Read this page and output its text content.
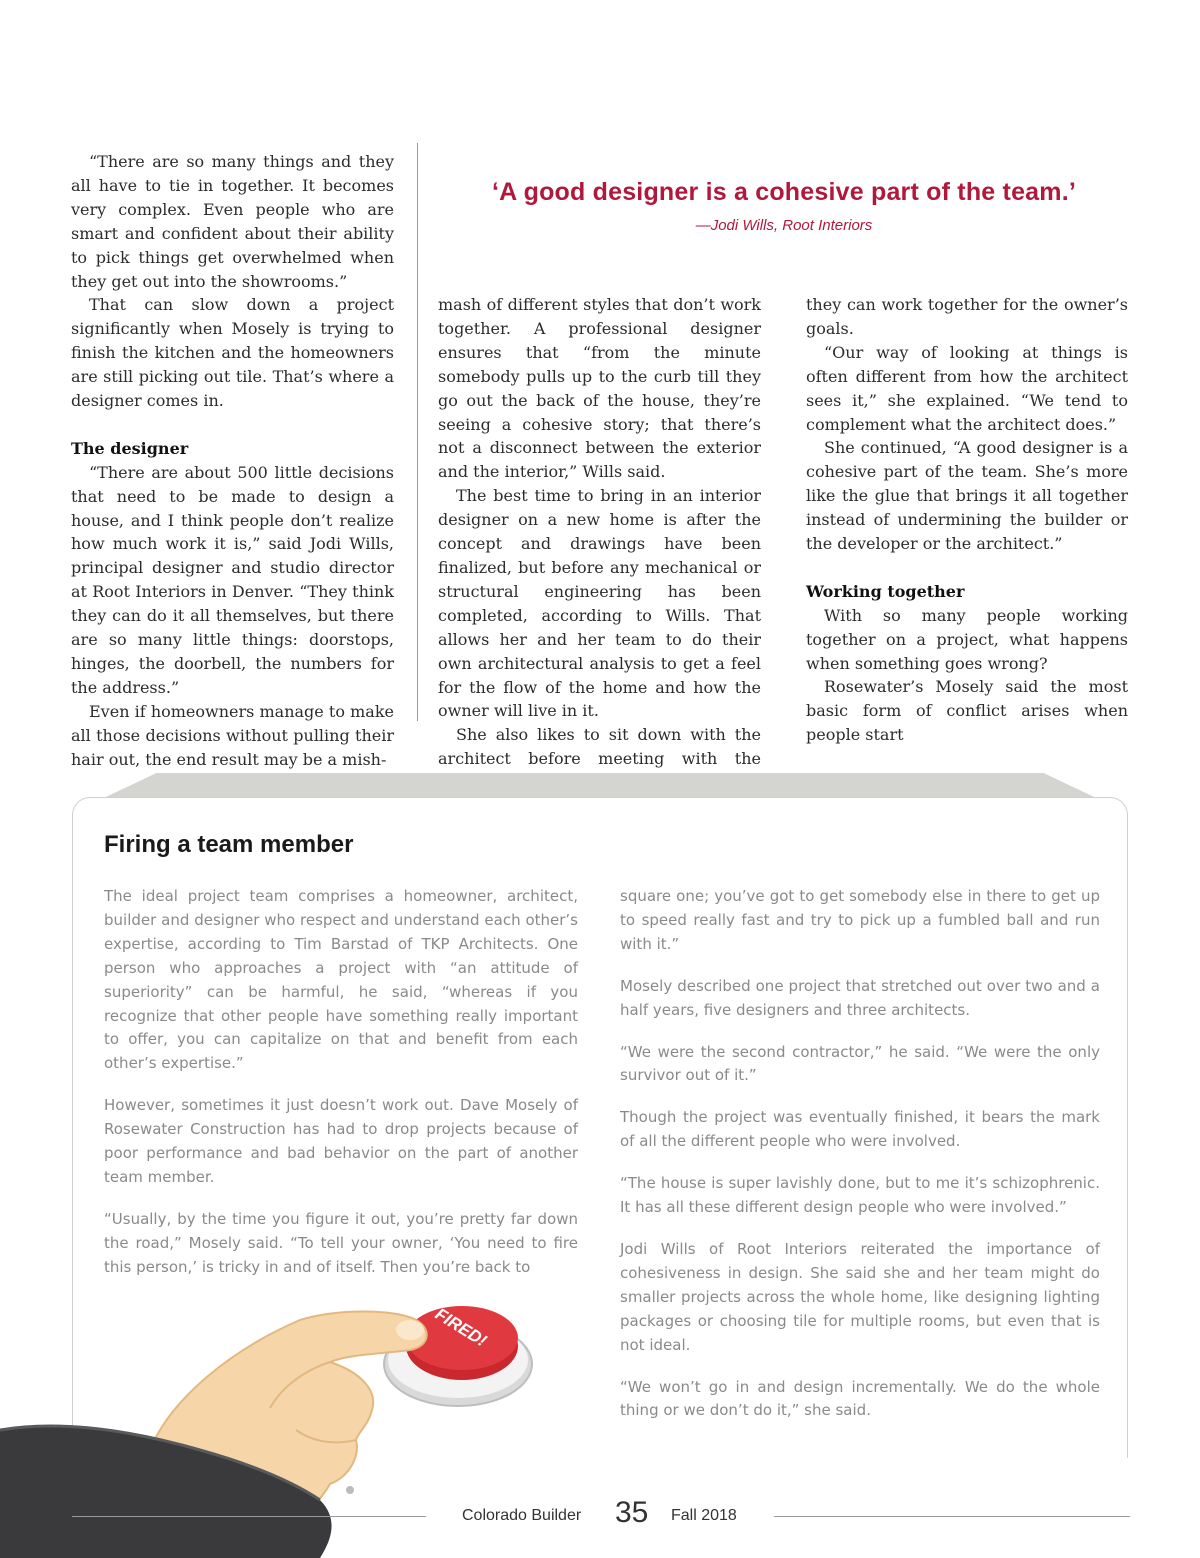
“There are so many things and they all have to tie in together. It becomes very complex. Even people who are smart and confident about their ability to pick things get overwhelmed when they get out into the showrooms.”

That can slow down a project significantly when Mosely is trying to finish the kitchen and the homeowners are still picking out tile. That’s where a designer comes in.

The designer

“There are about 500 little decisions that need to be made to design a house, and I think people don’t realize how much work it is,” said Jodi Wills, principal designer and studio director at Root Interiors in Denver. “They think they can do it all themselves, but there are so many little things: doorstops, hinges, the doorbell, the numbers for the address.”

Even if homeowners manage to make all those decisions without pulling their hair out, the end result may be a mish-

‘A good designer is a cohesive part of the team.’
—Jodi Wills, Root Interiors

mash of different styles that don’t work together. A professional designer ensures that “from the minute somebody pulls up to the curb till they go out the back of the house, they’re seeing a cohesive story; that there’s not a disconnect between the exterior and the interior,” Wills said.

The best time to bring in an interior designer on a new home is after the concept and drawings have been finalized, but before any mechanical or structural engineering has been completed, according to Wills. That allows her and her team to do their own architectural analysis to get a feel for the flow of the home and how the owner will live in it.

She also likes to sit down with the architect before meeting with the

they can work together for the owner’s goals.

“Our way of looking at things is often different from how the architect sees it,” she explained. “We tend to complement what the architect does.”

She continued, “A good designer is a cohesive part of the team. She’s more like the glue that brings it all together instead of undermining the builder or the developer or the architect.”

Working together

With so many people working together on a project, what happens when something goes wrong?

Rosewater’s Mosely said the most basic form of conflict arises when people start

Firing a team member

The ideal project team comprises a homeowner, architect, builder and designer who respect and understand each other’s expertise, according to Tim Barstad of TKP Architects. One person who approaches a project with “an attitude of superiority” can be harmful, he said, “whereas if you recognize that other people have something really important to offer, you can capitalize on that and benefit from each other’s expertise.”

However, sometimes it just doesn’t work out. Dave Mosely of Rosewater Construction has had to drop projects because of poor performance and bad behavior on the part of another team member.

“Usually, by the time you figure it out, you’re pretty far down the road,” Mosely said. “To tell your owner, ‘You need to fire this person,’ is tricky in and of itself. Then you’re back to

square one; you’ve got to get somebody else in there to get up to speed really fast and try to pick up a fumbled ball and run with it.”

Mosely described one project that stretched out over two and a half years, five designers and three architects.

“We were the second contractor,” he said. “We were the only survivor out of it.”

Though the project was eventually finished, it bears the mark of all the different people who were involved.

“The house is super lavishly done, but to me it’s schizophrenic. It has all these different design people who were involved.”

Jodi Wills of Root Interiors reiterated the importance of cohesiveness in design. She said she and her team might do smaller projects across the whole home, like designing lighting packages or choosing tile for multiple rooms, but even that is not ideal.

“We won’t go in and design incrementally. We do the whole thing or we don’t do it,” she said.

FIRED!
Colorado Builder 35 Fall 2018
